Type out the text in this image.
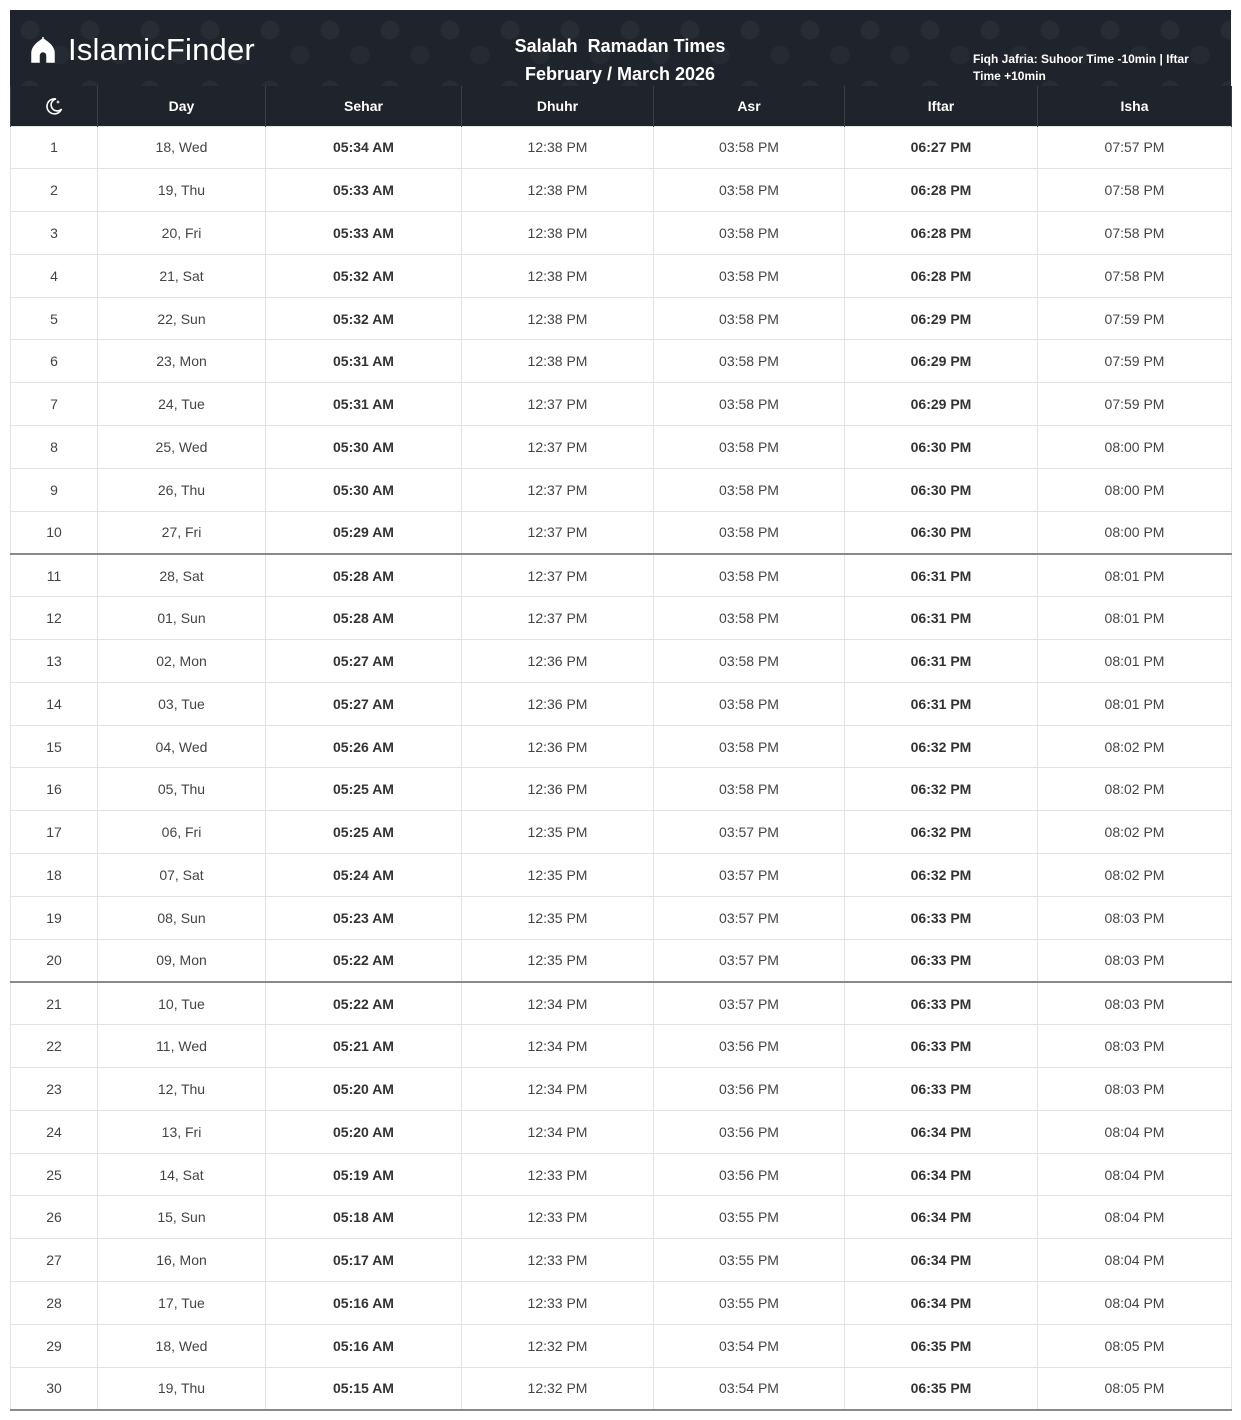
IslamicFinder	Salalah  Ramadan Times
February / March 2026
Fiqh Jafria: Suhoor Time -10min | Iftar Time +10min
	Day	Sehar	Dhuhr	Asr	Iftar	Isha
1	18, Wed	05:34 AM	12:38 PM	03:58 PM	06:27 PM	07:57 PM
2	19, Thu	05:33 AM	12:38 PM	03:58 PM	06:28 PM	07:58 PM
3	20, Fri	05:33 AM	12:38 PM	03:58 PM	06:28 PM	07:58 PM
4	21, Sat	05:32 AM	12:38 PM	03:58 PM	06:28 PM	07:58 PM
5	22, Sun	05:32 AM	12:38 PM	03:58 PM	06:29 PM	07:59 PM
6	23, Mon	05:31 AM	12:38 PM	03:58 PM	06:29 PM	07:59 PM
7	24, Tue	05:31 AM	12:37 PM	03:58 PM	06:29 PM	07:59 PM
8	25, Wed	05:30 AM	12:37 PM	03:58 PM	06:30 PM	08:00 PM
9	26, Thu	05:30 AM	12:37 PM	03:58 PM	06:30 PM	08:00 PM
10	27, Fri	05:29 AM	12:37 PM	03:58 PM	06:30 PM	08:00 PM
11	28, Sat	05:28 AM	12:37 PM	03:58 PM	06:31 PM	08:01 PM
12	01, Sun	05:28 AM	12:37 PM	03:58 PM	06:31 PM	08:01 PM
13	02, Mon	05:27 AM	12:36 PM	03:58 PM	06:31 PM	08:01 PM
14	03, Tue	05:27 AM	12:36 PM	03:58 PM	06:31 PM	08:01 PM
15	04, Wed	05:26 AM	12:36 PM	03:58 PM	06:32 PM	08:02 PM
16	05, Thu	05:25 AM	12:36 PM	03:58 PM	06:32 PM	08:02 PM
17	06, Fri	05:25 AM	12:35 PM	03:57 PM	06:32 PM	08:02 PM
18	07, Sat	05:24 AM	12:35 PM	03:57 PM	06:32 PM	08:02 PM
19	08, Sun	05:23 AM	12:35 PM	03:57 PM	06:33 PM	08:03 PM
20	09, Mon	05:22 AM	12:35 PM	03:57 PM	06:33 PM	08:03 PM
21	10, Tue	05:22 AM	12:34 PM	03:57 PM	06:33 PM	08:03 PM
22	11, Wed	05:21 AM	12:34 PM	03:56 PM	06:33 PM	08:03 PM
23	12, Thu	05:20 AM	12:34 PM	03:56 PM	06:33 PM	08:03 PM
24	13, Fri	05:20 AM	12:34 PM	03:56 PM	06:34 PM	08:04 PM
25	14, Sat	05:19 AM	12:33 PM	03:56 PM	06:34 PM	08:04 PM
26	15, Sun	05:18 AM	12:33 PM	03:55 PM	06:34 PM	08:04 PM
27	16, Mon	05:17 AM	12:33 PM	03:55 PM	06:34 PM	08:04 PM
28	17, Tue	05:16 AM	12:33 PM	03:55 PM	06:34 PM	08:04 PM
29	18, Wed	05:16 AM	12:32 PM	03:54 PM	06:35 PM	08:05 PM
30	19, Thu	05:15 AM	12:32 PM	03:54 PM	06:35 PM	08:05 PM
